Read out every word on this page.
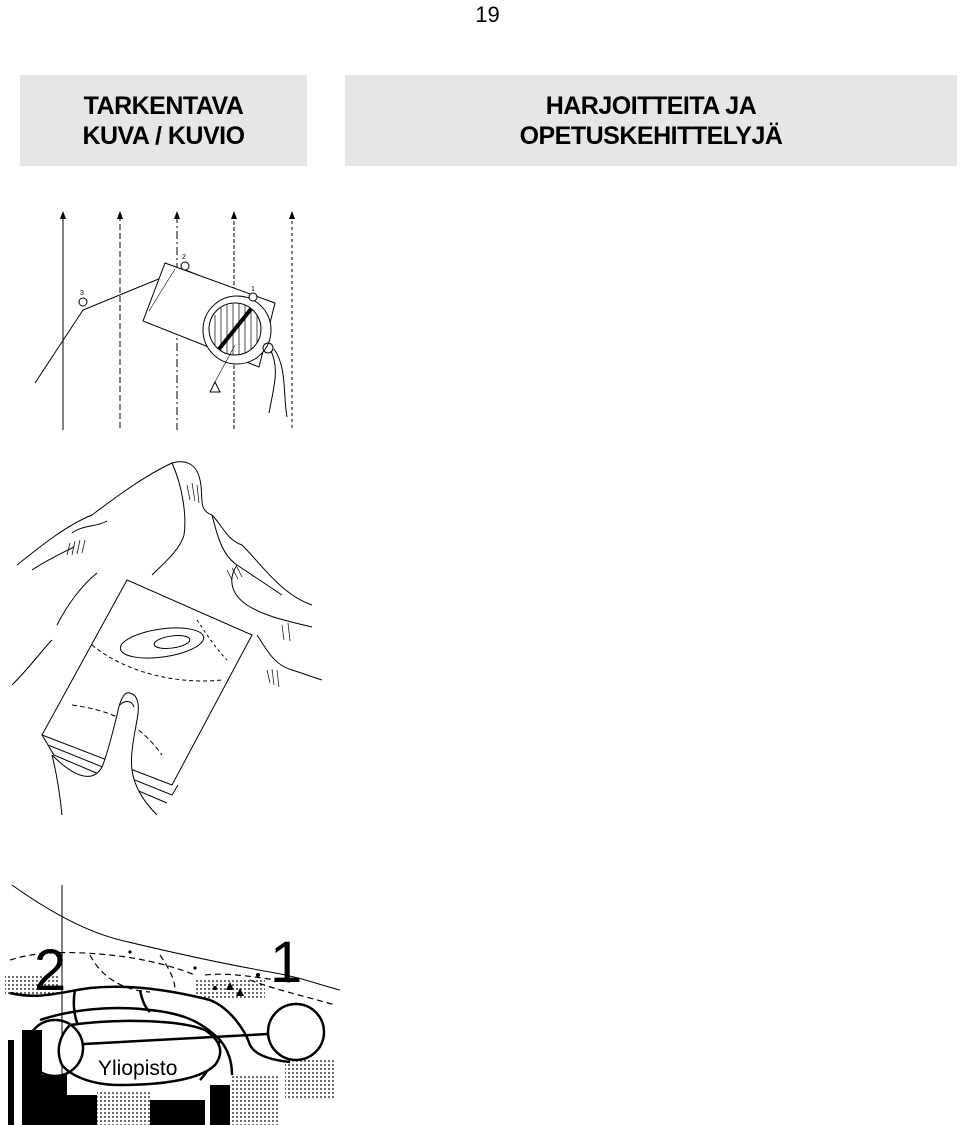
19
TARKENTAVA
KUVA / KUVIO
HARJOITTEITA JA
OPETUSKEHITTELYJÄ
2
3
1
2	1
Yliopisto
